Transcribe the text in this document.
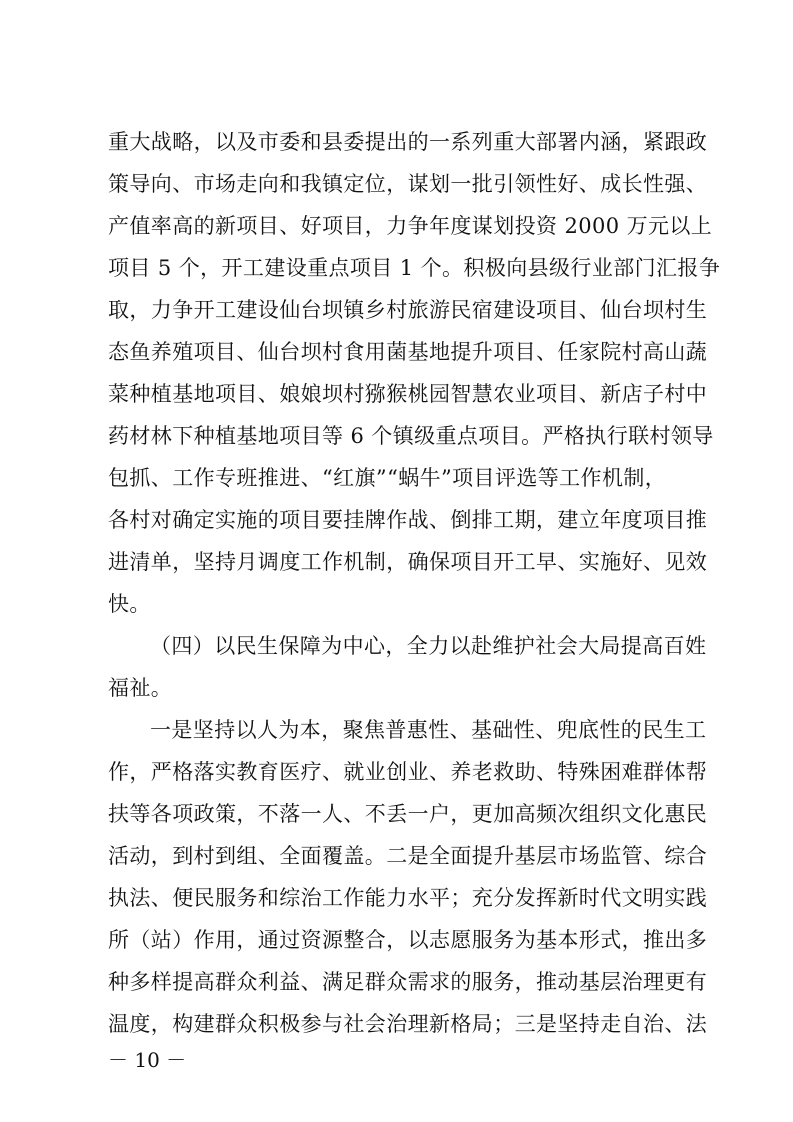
重大战略，以及市委和县委提出的一系列重大部署内涵，紧跟政
策导向、市场走向和我镇定位，谋划一批引领性好、成长性强、
产值率高的新项目、好项目，力争年度谋划投资 2000 万元以上
项目 5 个，开工建设重点项目 1 个。积极向县级行业部门汇报争
取，力争开工建设仙台坝镇乡村旅游民宿建设项目、仙台坝村生
态鱼养殖项目、仙台坝村食用菌基地提升项目、任家院村高山蔬
菜种植基地项目、娘娘坝村猕猴桃园智慧农业项目、新店子村中
药材林下种植基地项目等 6 个镇级重点项目。严格执行联村领导
包抓、工作专班推进、“红旗”“蜗牛”项目评选等工作机制，
各村对确定实施的项目要挂牌作战、倒排工期，建立年度项目推
进清单，坚持月调度工作机制，确保项目开工早、实施好、见效
快。
（四）以民生保障为中心，全力以赴维护社会大局提高百姓
福祉。
一是坚持以人为本，聚焦普惠性、基础性、兜底性的民生工
作，严格落实教育医疗、就业创业、养老救助、特殊困难群体帮
扶等各项政策，不落一人、不丢一户，更加高频次组织文化惠民
活动，到村到组、全面覆盖。二是全面提升基层市场监管、综合
执法、便民服务和综治工作能力水平；充分发挥新时代文明实践
所（站）作用，通过资源整合，以志愿服务为基本形式，推出多
种多样提高群众利益、满足群众需求的服务，推动基层治理更有
温度，构建群众积极参与社会治理新格局；三是坚持走自治、法
－ 10 －
